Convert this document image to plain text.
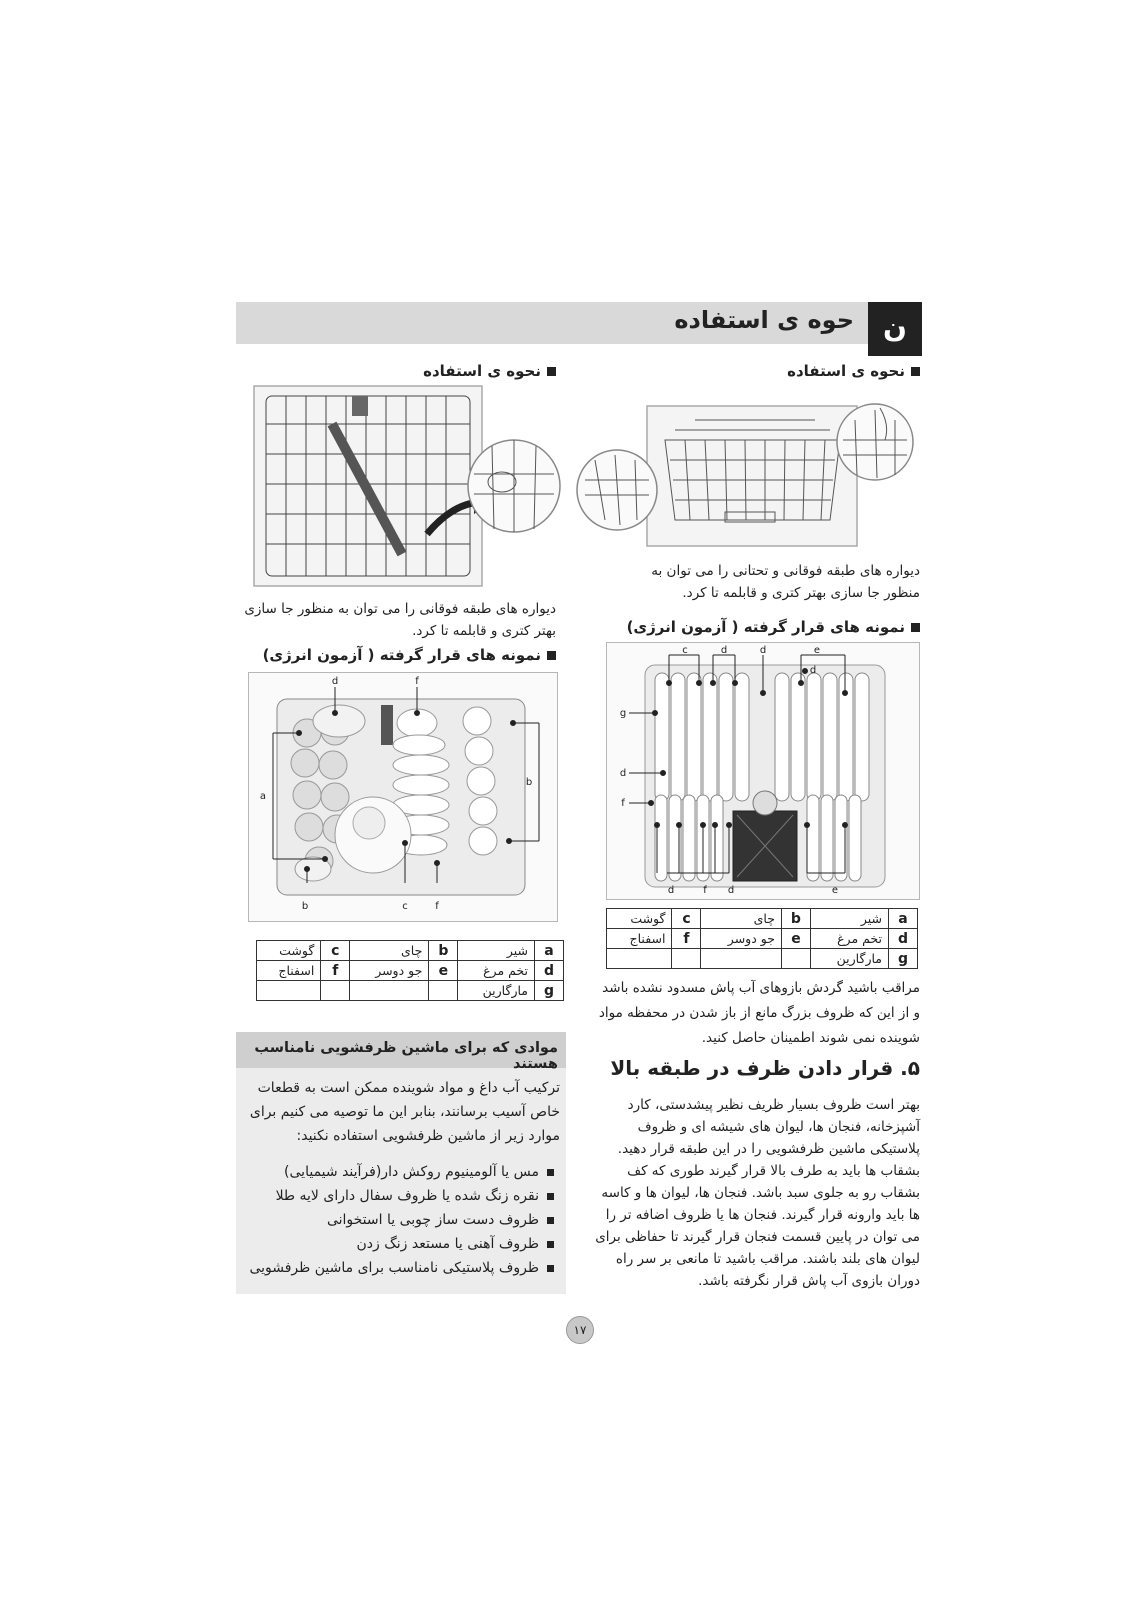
حوه ی استفاده	ن
نحوه ی استفاده
دیواره های طبقه فوقانی و تحتانی را می توان به منظور جا سازی بهتر کتری و قابلمه تا کرد.
نمونه های قرار گرفته ( آزمون انرژی)
c	d	d	e
d
g
d
f
d	f d	e
a	شیر	b	چای	c	گوشت
d	تخم مرغ	e	جو دوسر	f	اسفناج
g	مارگارین				
مراقب باشید گردش بازوهای آب پاش مسدود نشده باشد و از این که ظروف بزرگ مانع از باز شدن در محفظه مواد شوینده نمی شوند اطمینان حاصل کنید.
۵. قرار دادن ظرف در طبقه بالا
بهتر است ظروف بسیار ظریف نظیر پیشدستی، کارد آشپزخانه، فنجان ها، لیوان های شیشه ای و ظروف پلاستیکی ماشین ظرفشویی را در این طبقه قرار دهید. بشقاب ها باید به طرف بالا قرار گیرند طوری که کف بشقاب رو به جلوی سبد باشد. فنجان ها، لیوان ها و کاسه ها باید وارونه قرار گیرند. فنجان ها یا ظروف اضافه تر را می توان در پایین قسمت فنجان قرار گیرند تا حفاظی برای لیوان های بلند باشند. مراقب باشید تا مانعی بر سر راه دوران بازوی آب پاش قرار نگرفته باشد.
نحوه ی استفاده
دیواره های طبقه فوقانی را می توان به منظور جا سازی بهتر کتری و قابلمه تا کرد.
نمونه های قرار گرفته ( آزمون انرژی)
d	f
a
b
b	c	f
a	شیر	b	چای	c	گوشت
d	تخم مرغ	e	جو دوسر	f	اسفناج
g	مارگارین				
موادی که برای ماشین ظرفشویی نامناسب هستند
ترکیب آب داغ و مواد شوینده ممکن است به قطعات خاص آسیب برسانند، بنابر این ما توصیه می کنیم برای موارد زیر از ماشین ظرفشویی استفاده نکنید:
مس یا آلومینیوم روکش دار(فرآیند شیمیایی)
نقره زنگ شده یا ظروف سفال دارای لایه طلا
ظروف دست ساز چوبی یا استخوانی
ظروف آهنی یا مستعد زنگ زدن
ظروف پلاستیکی نامناسب برای ماشین ظرفشویی
۱۷
